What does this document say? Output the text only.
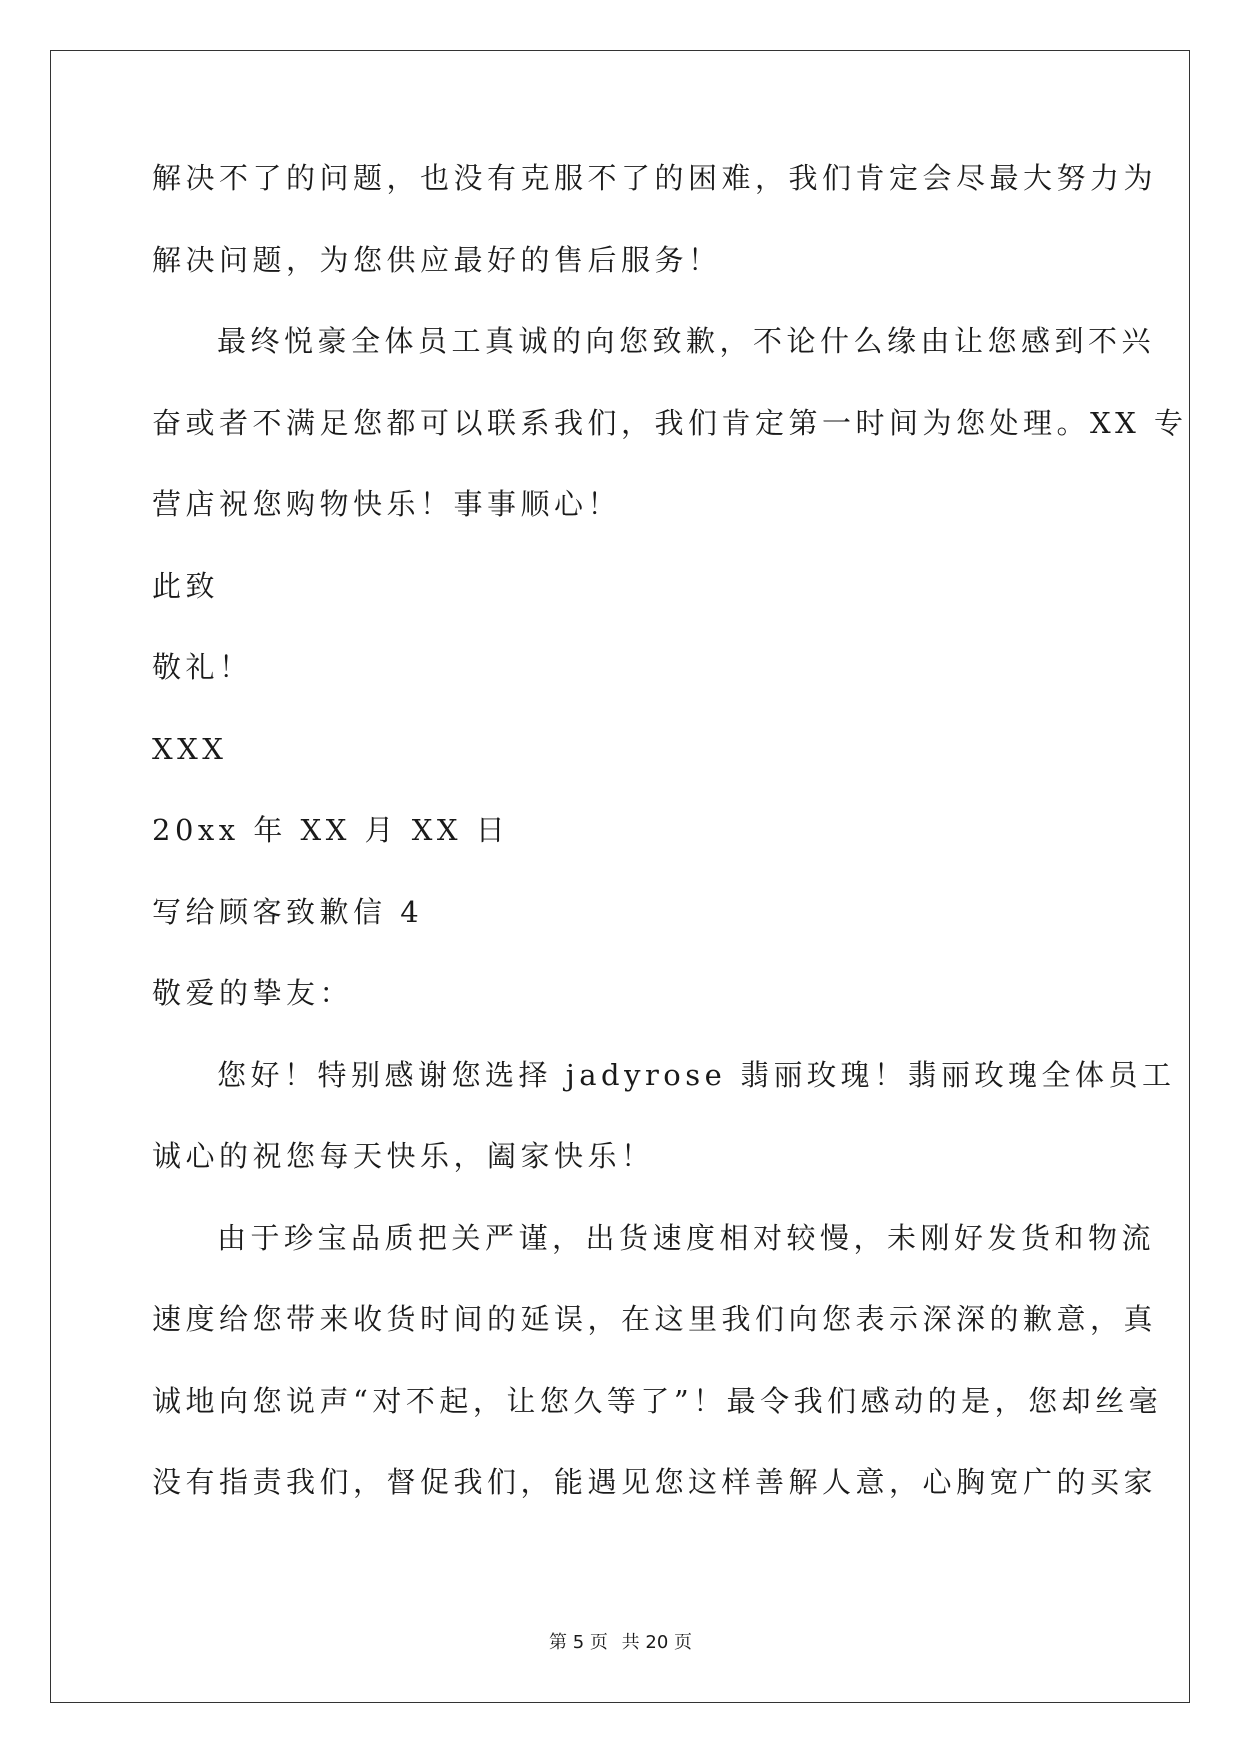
解决不了的问题，也没有克服不了的困难，我们肯定会尽最大努力为
解决问题，为您供应最好的售后服务！
最终悦豪全体员工真诚的向您致歉，不论什么缘由让您感到不兴
奋或者不满足您都可以联系我们，我们肯定第一时间为您处理。XX 专
营店祝您购物快乐！事事顺心！
此致
敬礼！
XXX
20xx 年 XX 月 XX 日
写给顾客致歉信 4
敬爱的挚友：
您好！特别感谢您选择 jadyrose 翡丽玫瑰！翡丽玫瑰全体员工
诚心的祝您每天快乐，阖家快乐！
由于珍宝品质把关严谨，出货速度相对较慢，未刚好发货和物流
速度给您带来收货时间的延误，在这里我们向您表示深深的歉意，真
诚地向您说声“对不起，让您久等了”！最令我们感动的是，您却丝毫
没有指责我们，督促我们，能遇见您这样善解人意，心胸宽广的买家
第 5 页 共 20 页
